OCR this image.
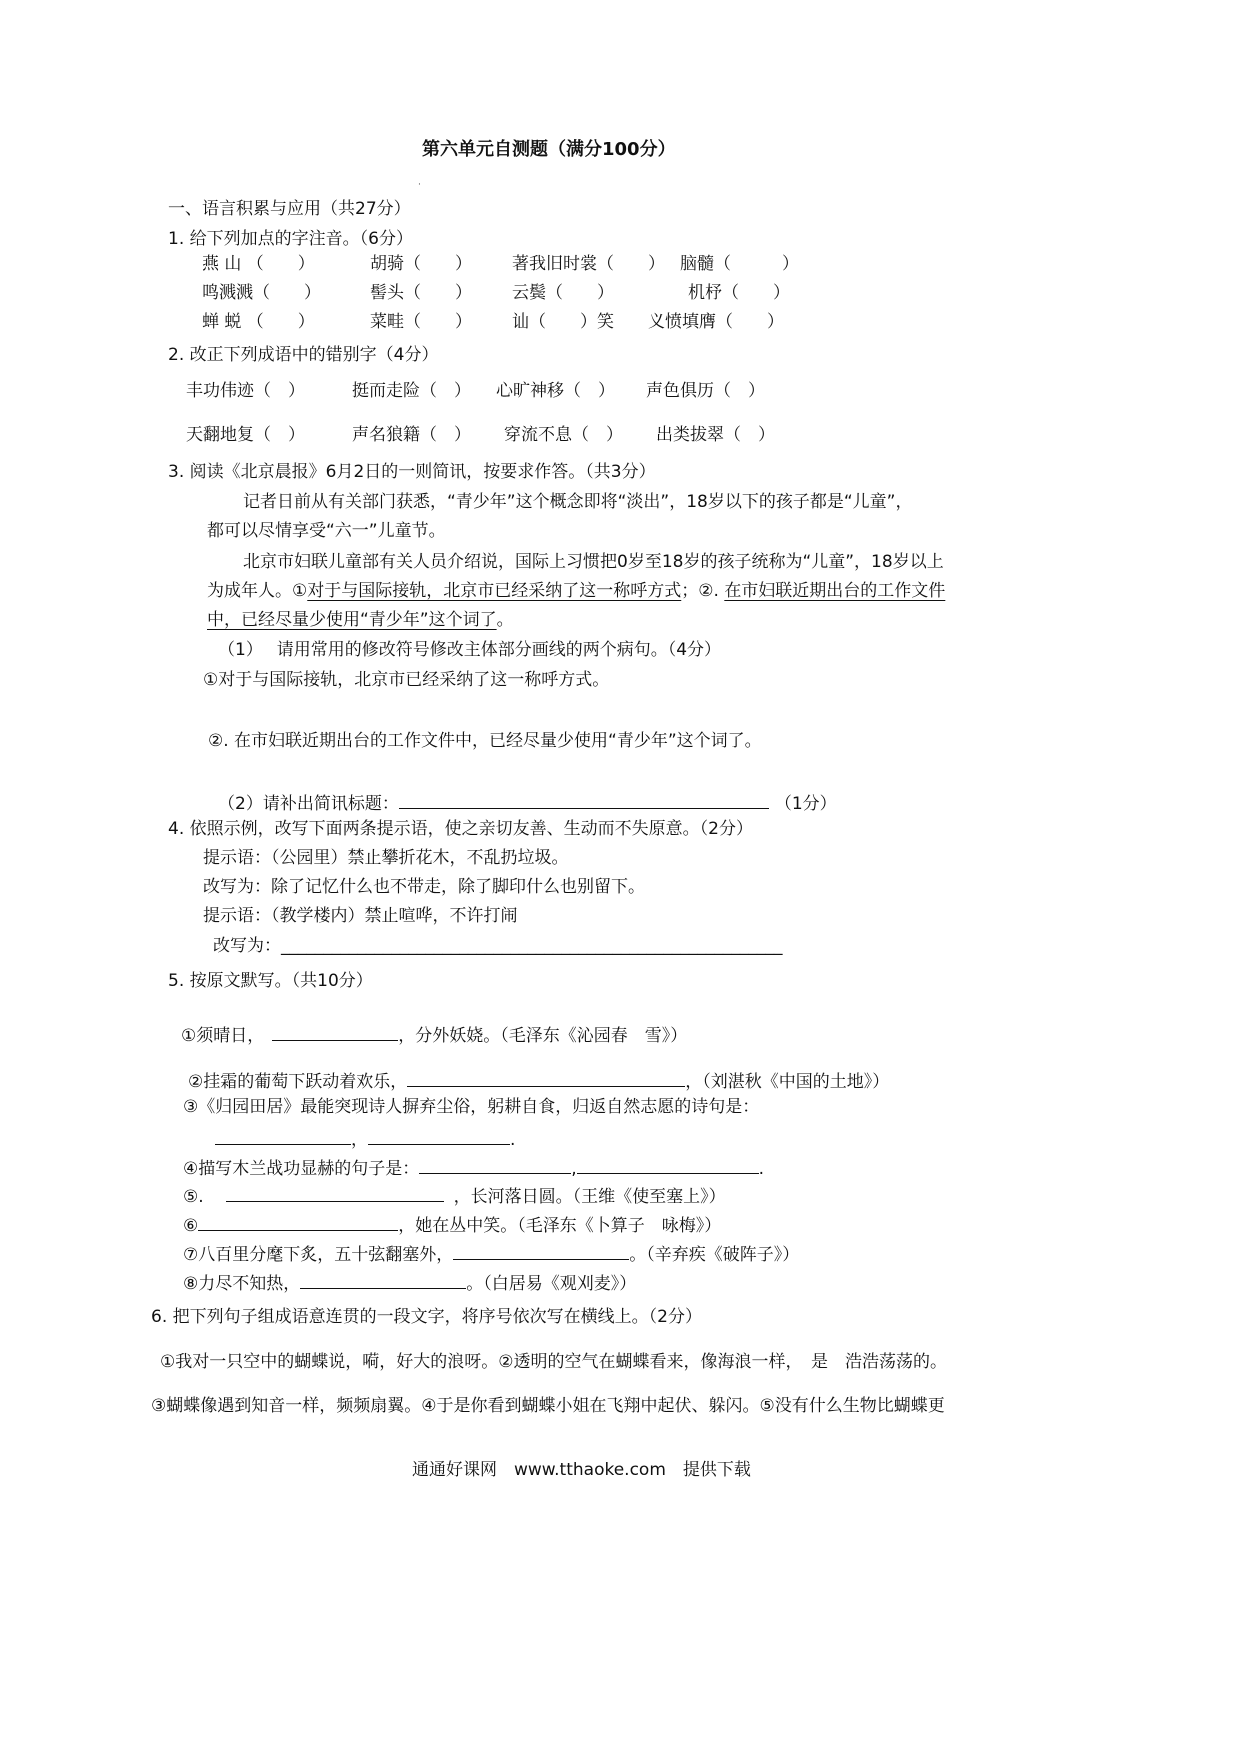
第六单元自测题（满分100分）
·
一、语言积累与应用（共27分）
1. 给下列加点的字注音。（6分）
燕 山 （　　）	胡骑（　　） 著我旧时裳（　　） 脑髓（　　　）
鸣溅溅（　　）	髻头（　　） 云鬓（　　）	机杼（　　）
蝉 蜕 （　　）	菜畦（　　） 讪（　　）笑 义愤填膺（　　）
2. 改正下列成语中的错别字（4分）
丰功伟迹（　）	挺而走险（　） 心旷神移（　） 声色俱历（　）
天翻地复（　）	声名狼籍（　） 穿流不息（　） 出类拔翠（　）
3. 阅读《北京晨报》6月2日的一则简讯，按要求作答。（共3分）
记者日前从有关部门获悉，“青少年”这个概念即将“淡出”，18岁以下的孩子都是“儿童”，
都可以尽情享受“六一”儿童节。
北京市妇联儿童部有关人员介绍说，国际上习惯把0岁至18岁的孩子统称为“儿童”，18岁以上
为成年人。①对于与国际接轨，北京市已经采纳了这一称呼方式；②. 在市妇联近期出台的工作文件
中，已经尽量少使用“青少年”这个词了。
（1）　 请用常用的修改符号修改主体部分画线的两个病句。（4分）
①对于与国际接轨，北京市已经采纳了这一称呼方式。
②. 在市妇联近期出台的工作文件中，已经尽量少使用“青少年”这个词了。
（2）请补出简讯标题：	（1分）
4. 依照示例，改写下面两条提示语，使之亲切友善、生动而不失原意。（2分）
提示语：（公园里）禁止攀折花木，不乱扔垃圾。
改写为：除了记忆什么也不带走，除了脚印什么也别留下。
提示语：（教学楼内）禁止喧哗，不许打闹
改写为：___________________________________________________________
5. 按原文默写。（共10分）
①须晴日，	，分外妖娆。（毛泽东《沁园春　雪》）
②挂霜的葡萄下跃动着欢乐，	，（刘湛秋《中国的土地》）
③《归园田居》最能突现诗人摒弃尘俗，躬耕自食，归返自然志愿的诗句是：
，	.
④描写木兰战功显赫的句子是：	,	.
⑤.	，长河落日圆。（王维《使至塞上》）
⑥	，她在丛中笑。（毛泽东《卜算子　咏梅》）
⑦八百里分麾下炙，五十弦翻塞外，	。（辛弃疾《破阵子》）
⑧力尽不知热，	。（白居易《观刈麦》）
6. 把下列句子组成语意连贯的一段文字，将序号依次写在横线上。（2分）
①我对一只空中的蝴蝶说，嗬，好大的浪呀。②透明的空气在蝴蝶看来，像海浪一样，　是　浩浩荡荡的。
③蝴蝶像遇到知音一样，频频扇翼。④于是你看到蝴蝶小姐在飞翔中起伏、躲闪。⑤没有什么生物比蝴蝶更
通通好课网　www.tthaoke.com　提供下载
